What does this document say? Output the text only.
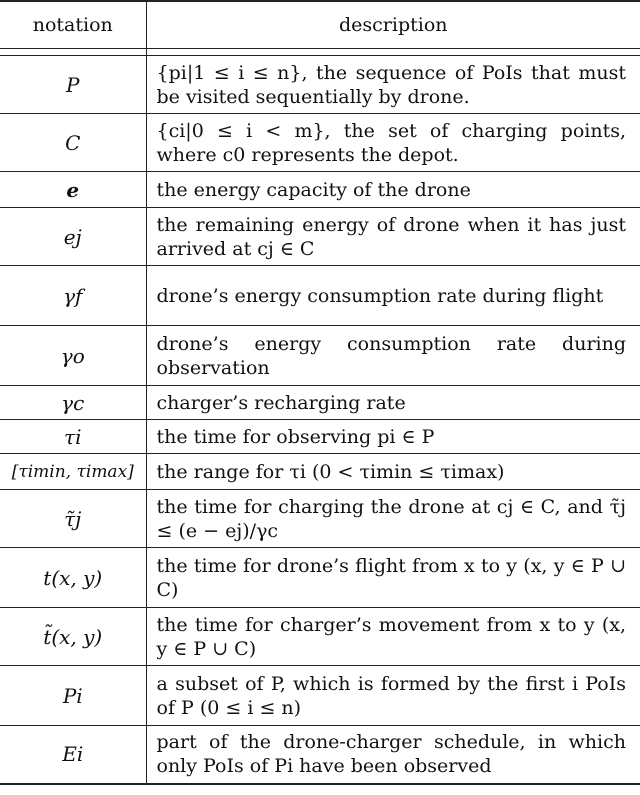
notation	description

P	{pi|1 ≤ i ≤ n}, the sequence of PoIs that must be visited sequentially by drone.
C	{ci|0 ≤ i < m}, the set of charging points, where c0 represents the depot.
e	the energy capacity of the drone
ej	the remaining energy of drone when it has just arrived at cj ∈ C
γf	drone’s energy consumption rate during flight
γo	drone’s energy consumption rate during observation
γc	charger’s recharging rate
τi	the time for observing pi ∈ P
[τimin, τimax]	the range for τi (0 < τimin ≤ τimax)
τ̃j	the time for charging the drone at cj ∈ C, and τ̃j ≤ (e − ej)/γc
t(x, y)	the time for drone’s flight from x to y (x, y ∈ P ∪ C)
t̃(x, y)	the time for charger’s movement from x to y (x, y ∈ P ∪ C)
Pi	a subset of P, which is formed by the first i PoIs of P (0 ≤ i ≤ n)
Ei	part of the drone-charger schedule, in which only PoIs of Pi have been observed
